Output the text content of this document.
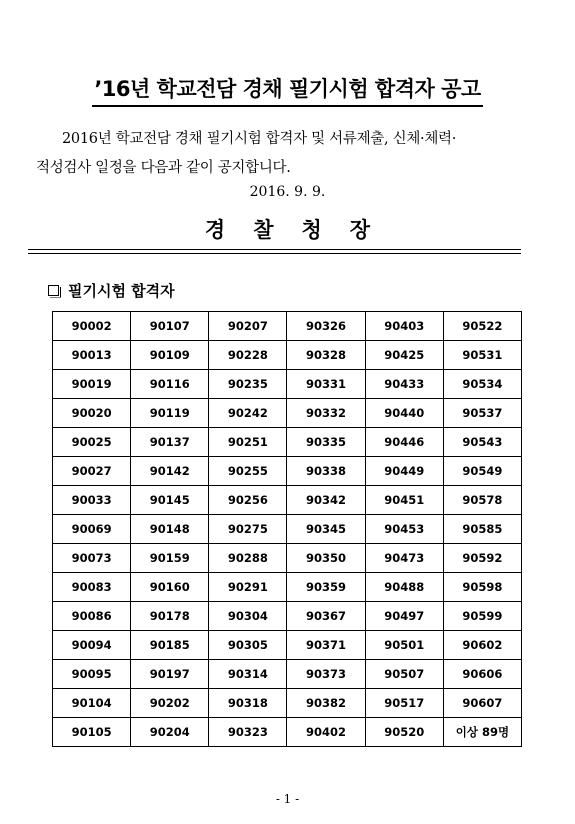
’16년 학교전담 경채 필기시험 합격자 공고
2016년 학교전담 경채 필기시험 합격자 및 서류제출, 신체·체력·
적성검사 일정을 다음과 같이 공지합니다.
2016. 9. 9.
경 찰 청 장
필기시험 합격자
90002	90107	90207	90326	90403	90522
90013	90109	90228	90328	90425	90531
90019	90116	90235	90331	90433	90534
90020	90119	90242	90332	90440	90537
90025	90137	90251	90335	90446	90543
90027	90142	90255	90338	90449	90549
90033	90145	90256	90342	90451	90578
90069	90148	90275	90345	90453	90585
90073	90159	90288	90350	90473	90592
90083	90160	90291	90359	90488	90598
90086	90178	90304	90367	90497	90599
90094	90185	90305	90371	90501	90602
90095	90197	90314	90373	90507	90606
90104	90202	90318	90382	90517	90607
90105	90204	90323	90402	90520	이상 89명
- 1 -
